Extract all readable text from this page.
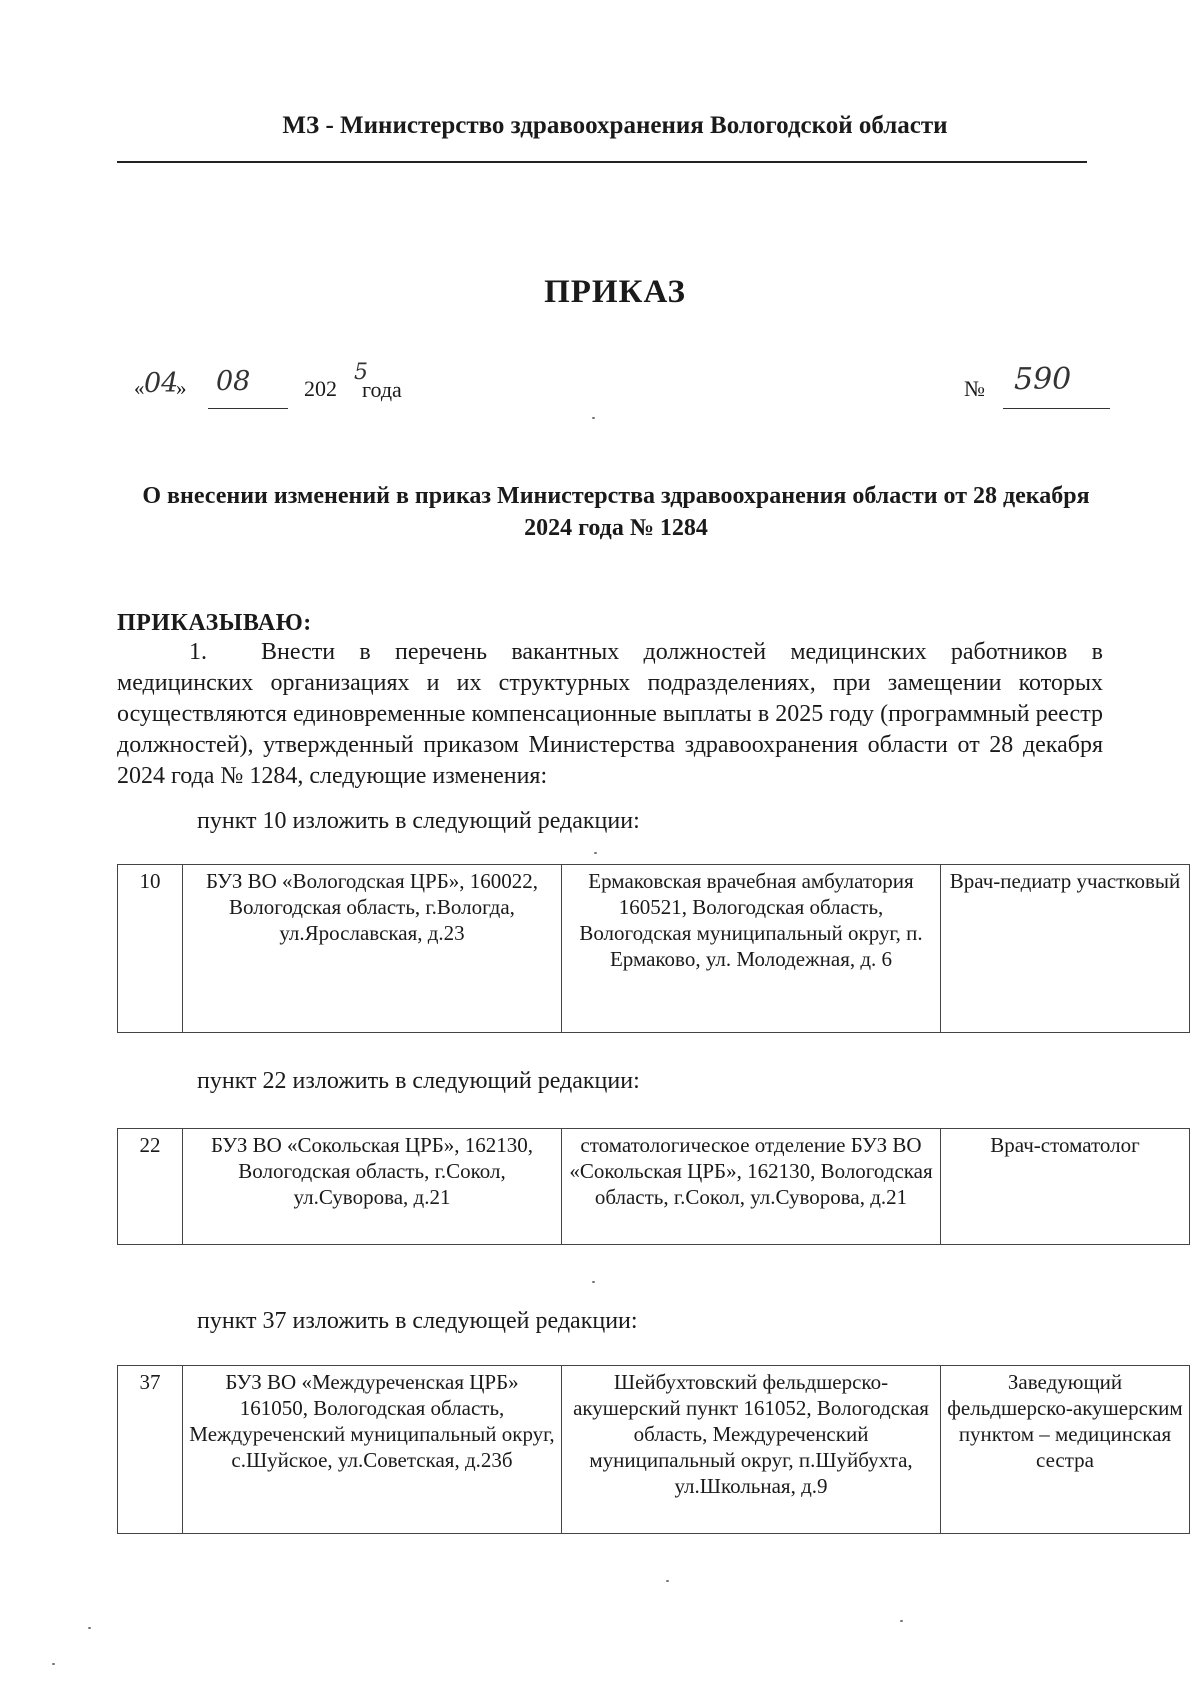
МЗ - Министерство здравоохранения Вологодской области
ПРИКАЗ
« 04
» 08 202
5
года	№ 590
О внесении изменений в приказ Министерства здравоохранения области от 28 декабря 2024 года № 1284
ПРИКАЗЫВАЮ:
1. Внести в перечень вакантных должностей медицинских работников в медицинских организациях и их структурных подразделениях, при замещении которых осуществляются единовременные компенсационные выплаты в 2025 году (программный реестр должностей), утвержденный приказом Министерства здравоохранения области от 28 декабря 2024 года № 1284, следующие изменения:
пункт 10 изложить в следующий редакции:
10	БУЗ ВО «Вологодская ЦРБ», 160022, Вологодская область, г.Вологда, ул.Ярославская, д.23	Ермаковская врачебная амбулатория 160521, Вологодская область, Вологодская муниципальный округ, п. Ермаково, ул. Молодежная, д. 6	Врач-педиатр участковый
пункт 22 изложить в следующий редакции:
22	БУЗ ВО «Сокольская ЦРБ», 162130, Вологодская область, г.Сокол, ул.Суворова, д.21	стоматологическое отделение БУЗ ВО «Сокольская ЦРБ», 162130, Вологодская область, г.Сокол, ул.Суворова, д.21	Врач-стоматолог
пункт 37 изложить в следующей редакции:
37	БУЗ ВО «Междуреченская ЦРБ» 161050, Вологодская область, Междуреченский муниципальный округ, с.Шуйское, ул.Советская, д.23б	Шейбухтовский фельдшерско-акушерский пункт 161052, Вологодская область, Междуреченский муниципальный округ, п.Шуйбухта, ул.Школьная, д.9	Заведующий фельдшерско-акушерским пунктом – медицинская сестра
